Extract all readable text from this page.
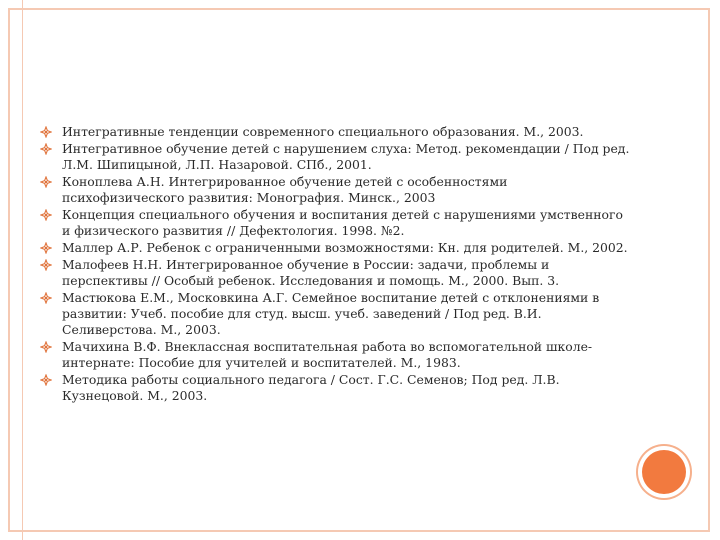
Интегративные тенденции современного специального образования. М., 2003.
Интегративное обучение детей с нарушением слуха: Метод. рекомендации / Под ред. Л.М. Шипицыной, Л.П. Назаровой. СПб., 2001.
Коноплева А.Н. Интегрированное обучение детей с особенностями психофизического развития: Монография. Минск., 2003
Концепция специального обучения и воспитания детей с нарушениями умственного и физического развития // Дефектология. 1998. №2.
Маллер А.Р. Ребенок с ограниченными возможностями: Кн. для родителей. М., 2002.
Малофеев Н.Н. Интегрированное обучение в России: задачи, проблемы и перспективы // Особый ребенок. Исследования и помощь. М., 2000. Вып. 3.
Мастюкова Е.М., Московкина А.Г. Семейное воспитание детей с отклонениями в развитии: Учеб. пособие для студ. высш. учеб. заведений / Под ред. В.И. Селиверстова. М., 2003.
Мачихина В.Ф. Внеклассная воспитательная работа во вспомогательной школе-интернате: Пособие для учителей и воспитателей. М., 1983.
Методика работы социального педагога / Сост. Г.С. Семенов; Под ред. Л.В. Кузнецовой. М., 2003.
